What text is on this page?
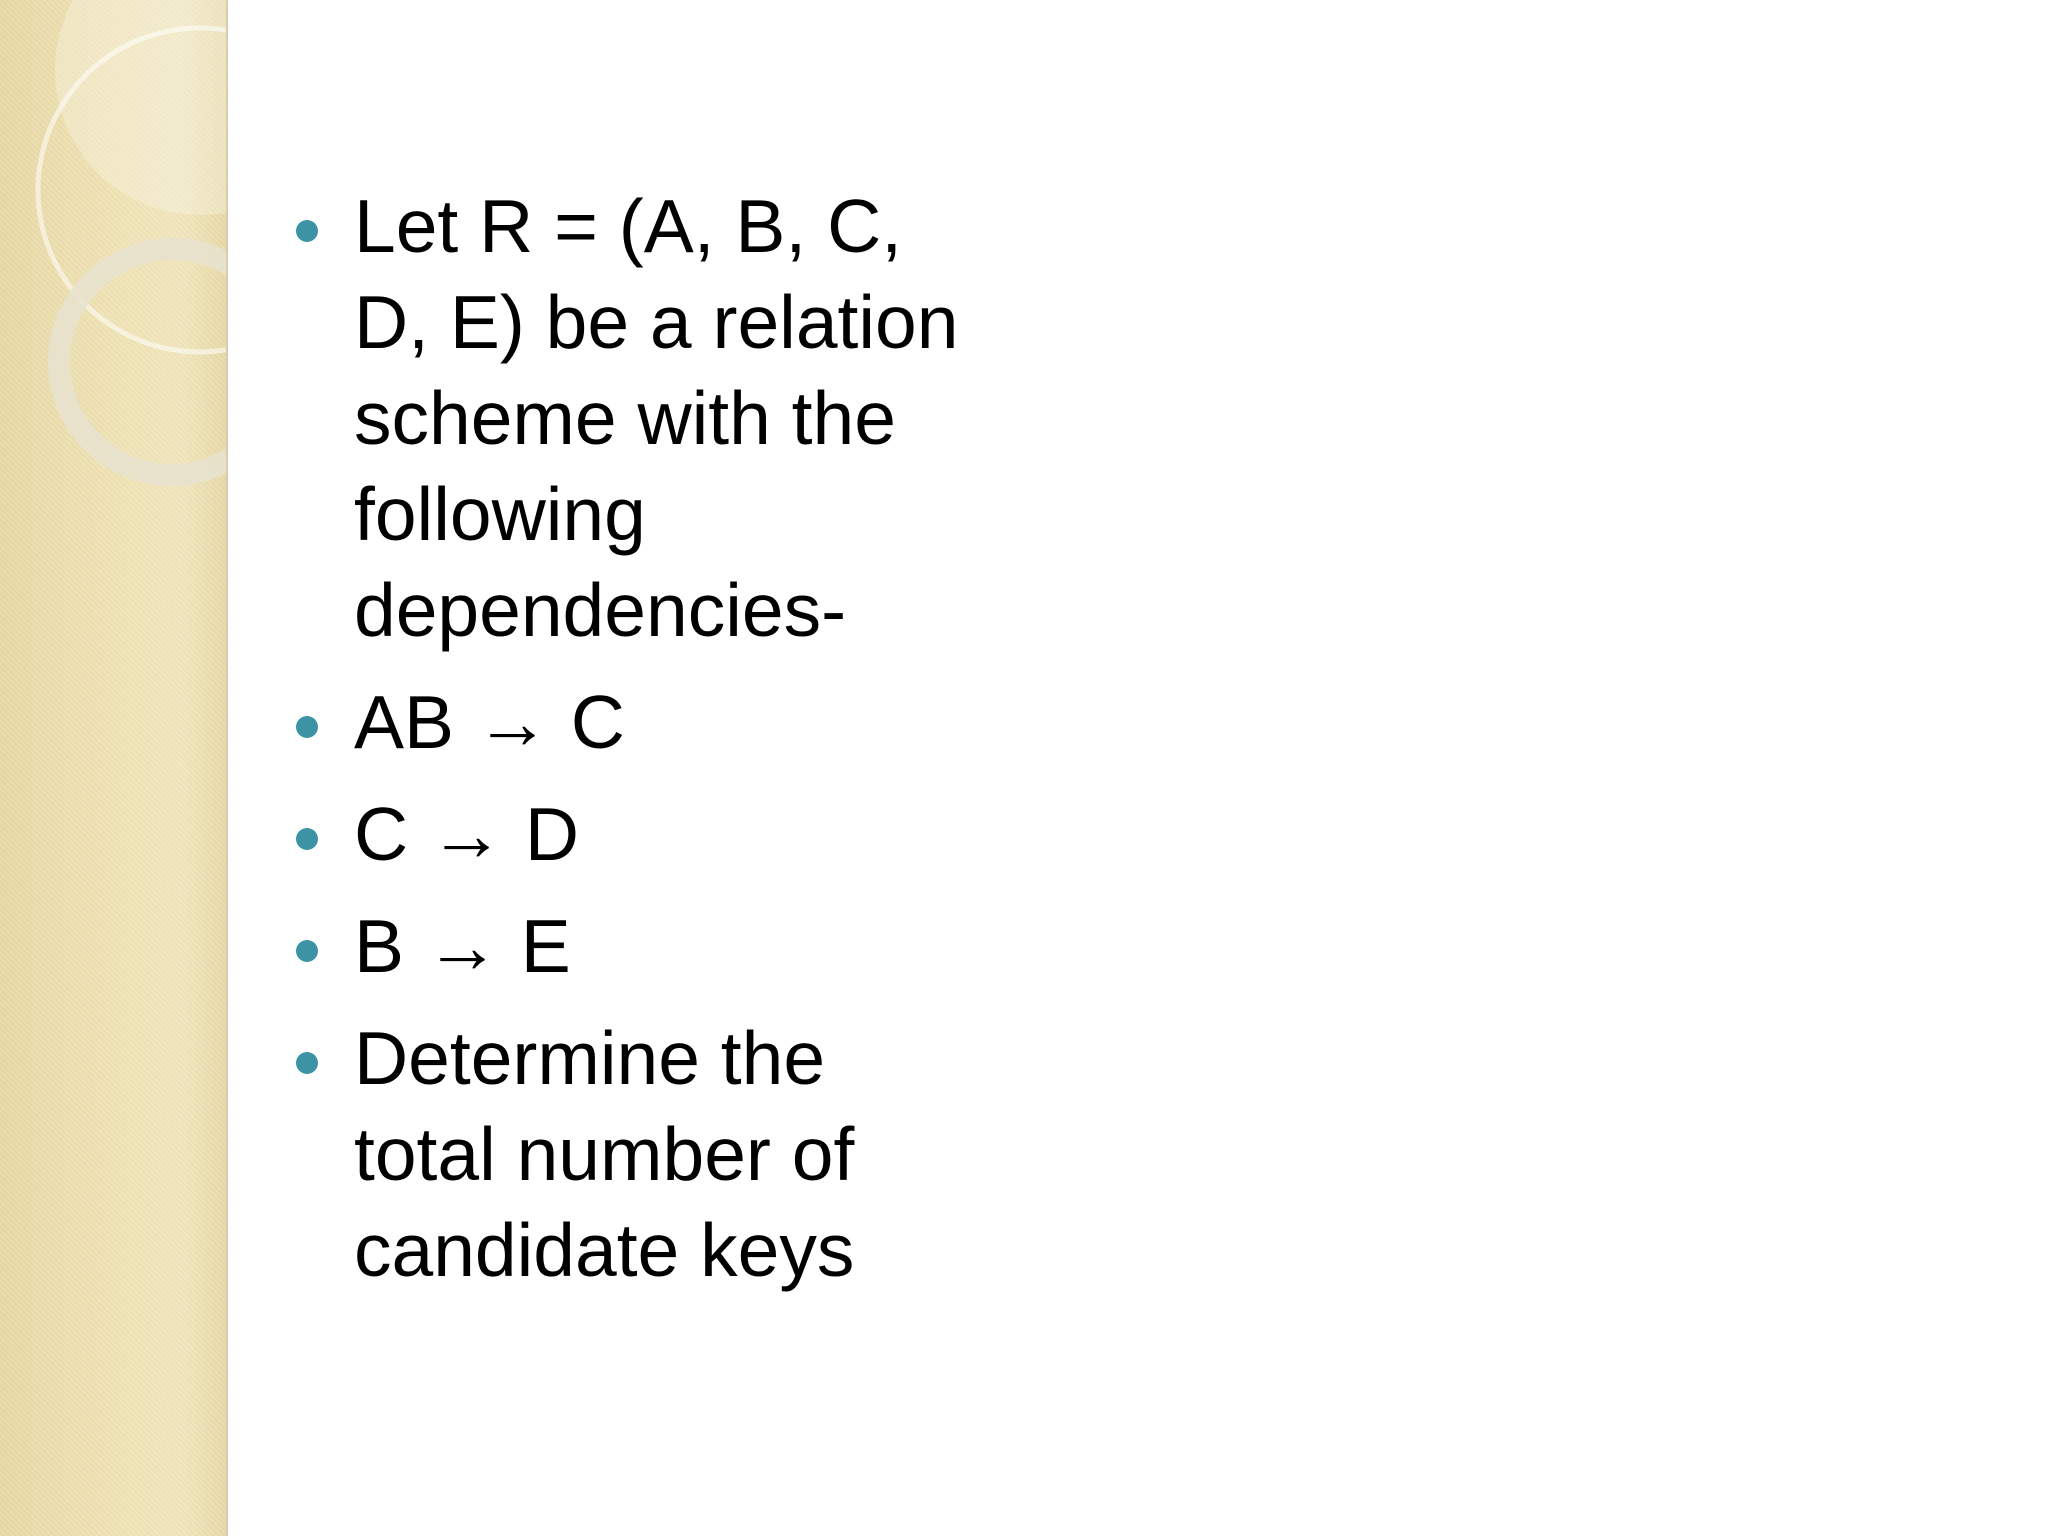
Let R = (A, B, C, D, E) be a relation scheme with the following dependencies-
AB → C
C → D
B → E
Determine the total number of candidate keys
